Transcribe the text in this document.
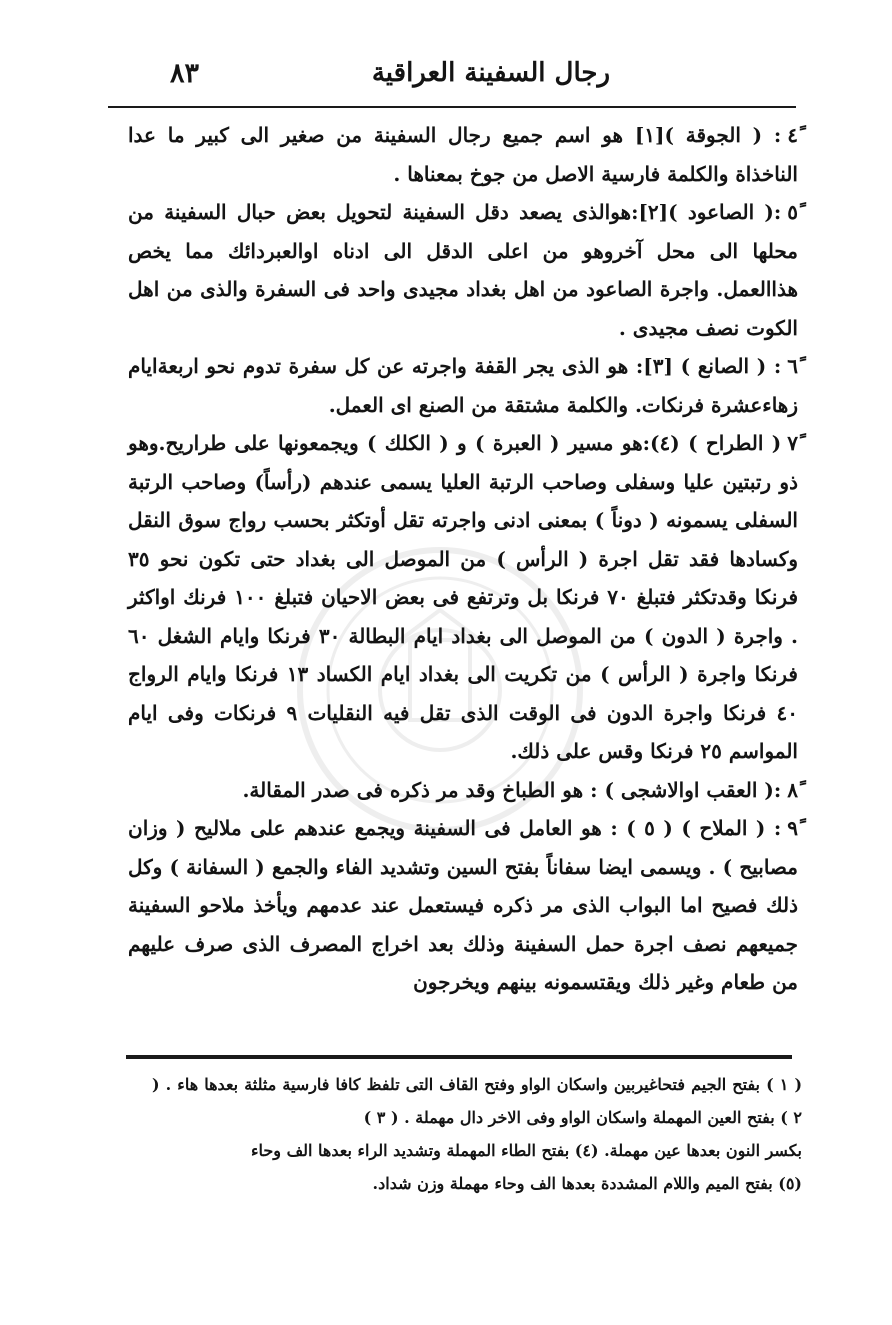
رجال السفينة العراقية
٨٣

٤ً: ( الجوقة )[١] هو اسم جميع رجال السفينة من صغير الى كبير ما عدا الناخذاة والكلمة فارسية الاصل من جوخ بمعناها .

٥ً:( الصاعود )[٢]:هوالذى يصعد دقل السفينة لتحويل بعض حبال السفينة من محلها الى محل آخروهو من اعلى الدقل الى ادناه اوالعبردائك مما يخص هذاالعمل. واجرة الصاعود من اهل بغداد مجيدى واحد فى السفرة والذى من اهل الكوت نصف مجيدى .

٦ً: ( الصانع ) [٣]: هو الذى يجر القفة واجرته عن كل سفرة تدوم نحو اربعةايام زهاءعشرة فرنكات. والكلمة مشتقة من الصنع اى العمل.

٧ً( الطراح ) (٤):هو مسير ( العبرة ) و ( الكلك ) ويجمعونها على طراريح.وهو ذو رتبتين عليا وسفلى وصاحب الرتبة العليا يسمى عندهم (رأساً) وصاحب الرتبة السفلى يسمونه ( دوناً ) بمعنى ادنى واجرته تقل أوتكثر بحسب رواج سوق النقل وكسادها فقد تقل اجرة ( الرأس ) من الموصل الى بغداد حتى تكون نحو ٣٥ فرنكا وقدتكثر فتبلغ ٧٠ فرنكا بل وترتفع فى بعض الاحيان فتبلغ ١٠٠ فرنك اواكثر . واجرة ( الدون ) من الموصل الى بغداد ايام البطالة ٣٠ فرنكا وايام الشغل ٦٠ فرنكا واجرة ( الرأس ) من تكريت الى بغداد ايام الكساد ١٣ فرنكا وايام الرواج ٤٠ فرنكا واجرة الدون فى الوقت الذى تقل فيه النقليات ٩ فرنكات وفى ايام المواسم ٢٥ فرنكا وقس على ذلك.

٨ً:( العقب اوالاشجى ) : هو الطباخ وقد مر ذكره فى صدر المقالة.

٩ً: ( الملاح ) ( ٥ ) : هو العامل فى السفينة ويجمع عندهم على ملاليح ( وزان مصابيح ) . ويسمى ايضا سفاناً بفتح السين وتشديد الفاء والجمع ( السفانة ) وكل ذلك فصيح اما البواب الذى مر ذكره فيستعمل عند عدمهم ويأخذ ملاحو السفينة جميعهم نصف اجرة حمل السفينة وذلك بعد اخراج المصرف الذى صرف عليهم من طعام وغير ذلك ويقتسمونه بينهم ويخرجون

( ١ ) بفتح الجيم فتحاغيربين واسكان الواو وفتح القاف التى تلفظ كافا فارسية مثلثة بعدها هاء . ( ٢ ) بفتح العين المهملة واسكان الواو وفى الاخر دال مهملة . ( ٣ )

بكسر النون بعدها عين مهملة. (٤) بفتح الطاء المهملة وتشديد الراء بعدها الف وحاء

(٥) بفتح الميم واللام المشددة بعدها الف وحاء مهملة وزن شداد.
